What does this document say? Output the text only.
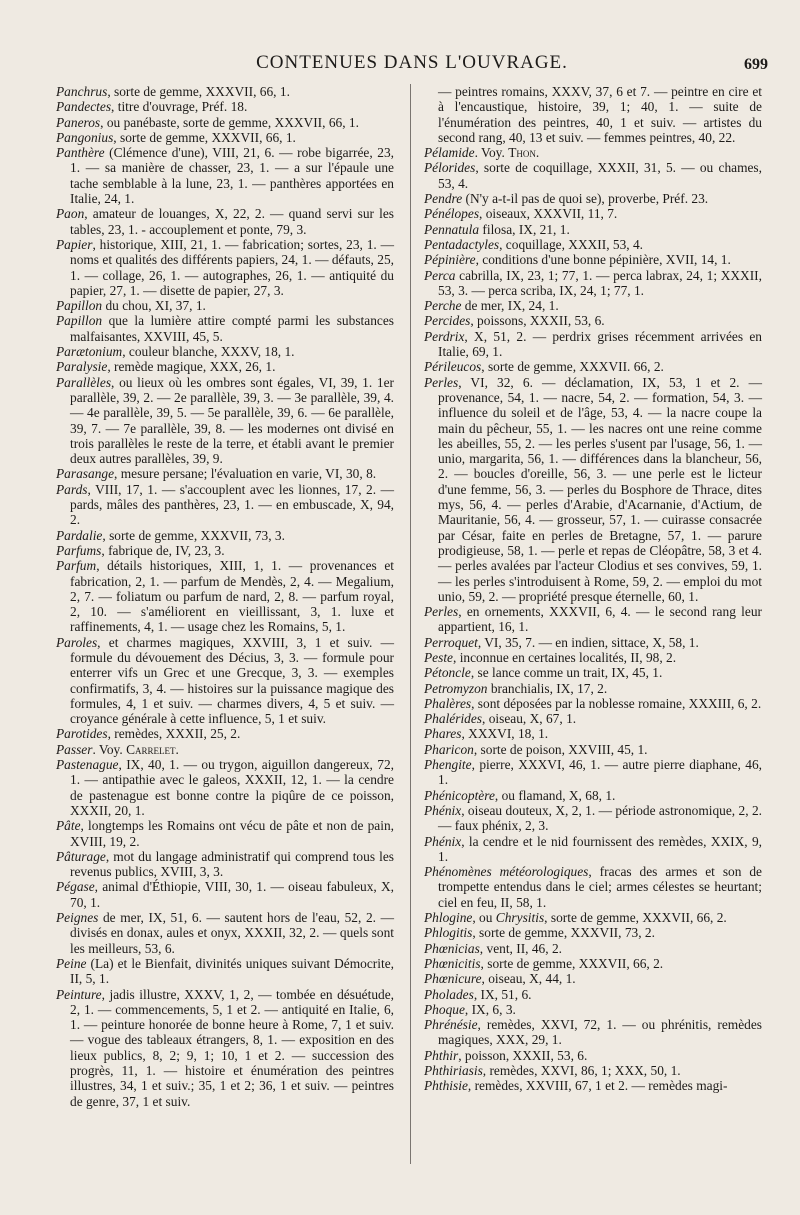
CONTENUES DANS L'OUVRAGE.	699

Panchrus, sorte de gemme, XXXVII, 66, 1.

Pandectes, titre d'ouvrage, Préf. 18.

Paneros, ou panébaste, sorte de gemme, XXXVII, 66, 1.

Pangonius, sorte de gemme, XXXVII, 66, 1.

Panthère (Clémence d'une), VIII, 21, 6. — robe bigarrée, 23, 1. — sa manière de chasser, 23, 1. — a sur l'épaule une tache semblable à la lune, 23, 1. — panthères apportées en Italie, 24, 1.

Paon, amateur de louanges, X, 22, 2. — quand servi sur les tables, 23, 1. - accouplement et ponte, 79, 3.

Papier, historique, XIII, 21, 1. — fabrication; sortes, 23, 1. — noms et qualités des différents papiers, 24, 1. — défauts, 25, 1. — collage, 26, 1. — autographes, 26, 1. — antiquité du papier, 27, 1. — disette de papier, 27, 3.

Papillon du chou, XI, 37, 1.

Papillon que la lumière attire compté parmi les substances malfaisantes, XXVIII, 45, 5.

Parætonium, couleur blanche, XXXV, 18, 1.

Paralysie, remède magique, XXX, 26, 1.

Parallèles, ou lieux où les ombres sont égales, VI, 39, 1. 1er parallèle, 39, 2. — 2e parallèle, 39, 3. — 3e parallèle, 39, 4. — 4e parallèle, 39, 5. — 5e parallèle, 39, 6. — 6e parallèle, 39, 7. — 7e parallèle, 39, 8. — les modernes ont divisé en trois parallèles le reste de la terre, et établi avant le premier deux autres parallèles, 39, 9.

Parasange, mesure persane; l'évaluation en varie, VI, 30, 8.

Pards, VIII, 17, 1. — s'accouplent avec les lionnes, 17, 2. — pards, mâles des panthères, 23, 1. — en embuscade, X, 94, 2.

Pardalie, sorte de gemme, XXXVII, 73, 3.

Parfums, fabrique de, IV, 23, 3.

Parfum, détails historiques, XIII, 1, 1. — provenances et fabrication, 2, 1. — parfum de Mendès, 2, 4. — Megalium, 2, 7. — foliatum ou parfum de nard, 2, 8. — parfum royal, 2, 10. — s'améliorent en vieillissant, 3, 1. luxe et raffinements, 4, 1. — usage chez les Romains, 5, 1.

Paroles, et charmes magiques, XXVIII, 3, 1 et suiv. — formule du dévouement des Décius, 3, 3. — formule pour enterrer vifs un Grec et une Grecque, 3, 3. — exemples confirmatifs, 3, 4. — histoires sur la puissance magique des formules, 4, 1 et suiv. — charmes divers, 4, 5 et suiv. — croyance générale à cette influence, 5, 1 et suiv.

Parotides, remèdes, XXXII, 25, 2.

Passer. Voy. Carrelet.

Pastenague, IX, 40, 1. — ou trygon, aiguillon dangereux, 72, 1. — antipathie avec le galeos, XXXII, 12, 1. — la cendre de pastenague est bonne contre la piqûre de ce poisson, XXXII, 20, 1.

Pâte, longtemps les Romains ont vécu de pâte et non de pain, XVIII, 19, 2.

Pâturage, mot du langage administratif qui comprend tous les revenus publics, XVIII, 3, 3.

Pégase, animal d'Éthiopie, VIII, 30, 1. — oiseau fabuleux, X, 70, 1.

Peignes de mer, IX, 51, 6. — sautent hors de l'eau, 52, 2. — divisés en donax, aules et onyx, XXXII, 32, 2. — quels sont les meilleurs, 53, 6.

Peine (La) et le Bienfait, divinités uniques suivant Démocrite, II, 5, 1.

Peinture, jadis illustre, XXXV, 1, 2, — tombée en désuétude, 2, 1. — commencements, 5, 1 et 2. — antiquité en Italie, 6, 1. — peinture honorée de bonne heure à Rome, 7, 1 et suiv. — vogue des tableaux étrangers, 8, 1. — exposition en des lieux publics, 8, 2; 9, 1; 10, 1 et 2. — succession des progrès, 11, 1. — histoire et énumération des peintres illustres, 34, 1 et suiv.; 35, 1 et 2; 36, 1 et suiv. — peintres de genre, 37, 1 et suiv.

— peintres romains, XXXV, 37, 6 et 7. — peintre en cire et à l'encaustique, histoire, 39, 1; 40, 1. — suite de l'énumération des peintres, 40, 1 et suiv. — artistes du second rang, 40, 13 et suiv. — femmes peintres, 40, 22.

Pélamide. Voy. Thon.

Pélorides, sorte de coquillage, XXXII, 31, 5. — ou chames, 53, 4.

Pendre (N'y a-t-il pas de quoi se), proverbe, Préf. 23.

Pénélopes, oiseaux, XXXVII, 11, 7.

Pennatula filosa, IX, 21, 1.

Pentadactyles, coquillage, XXXII, 53, 4.

Pépinière, conditions d'une bonne pépinière, XVII, 14, 1.

Perca cabrilla, IX, 23, 1; 77, 1. — perca labrax, 24, 1; XXXII, 53, 3. — perca scriba, IX, 24, 1; 77, 1.

Perche de mer, IX, 24, 1.

Percides, poissons, XXXII, 53, 6.

Perdrix, X, 51, 2. — perdrix grises récemment arrivées en Italie, 69, 1.

Périleucos, sorte de gemme, XXXVII. 66, 2.

Perles, VI, 32, 6. — déclamation, IX, 53, 1 et 2. — provenance, 54, 1. — nacre, 54, 2. — formation, 54, 3. — influence du soleil et de l'âge, 53, 4. — la nacre coupe la main du pêcheur, 55, 1. — les nacres ont une reine comme les abeilles, 55, 2. — les perles s'usent par l'usage, 56, 1. — unio, margarita, 56, 1. — différences dans la blancheur, 56, 2. — boucles d'oreille, 56, 3. — une perle est le licteur d'une femme, 56, 3. — perles du Bosphore de Thrace, dites mys, 56, 4. — perles d'Arabie, d'Acarnanie, d'Actium, de Mauritanie, 56, 4. — grosseur, 57, 1. — cuirasse consacrée par César, faite en perles de Bretagne, 57, 1. — parure prodigieuse, 58, 1. — perle et repas de Cléopâtre, 58, 3 et 4. — perles avalées par l'acteur Clodius et ses convives, 59, 1. — les perles s'introduisent à Rome, 59, 2. — emploi du mot unio, 59, 2. — propriété presque éternelle, 60, 1.

Perles, en ornements, XXXVII, 6, 4. — le second rang leur appartient, 16, 1.

Perroquet, VI, 35, 7. — en indien, sittace, X, 58, 1.

Peste, inconnue en certaines localités, II, 98, 2.

Pétoncle, se lance comme un trait, IX, 45, 1.

Petromyzon branchialis, IX, 17, 2.

Phalères, sont déposées par la noblesse romaine, XXXIII, 6, 2.

Phalérides, oiseau, X, 67, 1.

Phares, XXXVI, 18, 1.

Pharicon, sorte de poison, XXVIII, 45, 1.

Phengite, pierre, XXXVI, 46, 1. — autre pierre diaphane, 46, 1.

Phénicoptère, ou flamand, X, 68, 1.

Phénix, oiseau douteux, X, 2, 1. — période astronomique, 2, 2. — faux phénix, 2, 3.

Phénix, la cendre et le nid fournissent des remèdes, XXIX, 9, 1.

Phénomènes météorologiques, fracas des armes et son de trompette entendus dans le ciel; armes célestes se heurtant; ciel en feu, II, 58, 1.

Phlogine, ou Chrysitis, sorte de gemme, XXXVII, 66, 2.

Phlogitis, sorte de gemme, XXXVII, 73, 2.

Phœnicias, vent, II, 46, 2.

Phœnicitis, sorte de gemme, XXXVII, 66, 2.

Phœnicure, oiseau, X, 44, 1.

Pholades, IX, 51, 6.

Phoque, IX, 6, 3.

Phrénésie, remèdes, XXVI, 72, 1. — ou phrénitis, remèdes magiques, XXX, 29, 1.

Phthir, poisson, XXXII, 53, 6.

Phthiriasis, remèdes, XXVI, 86, 1; XXX, 50, 1.

Phthisie, remèdes, XXVIII, 67, 1 et 2. — remèdes magi-
